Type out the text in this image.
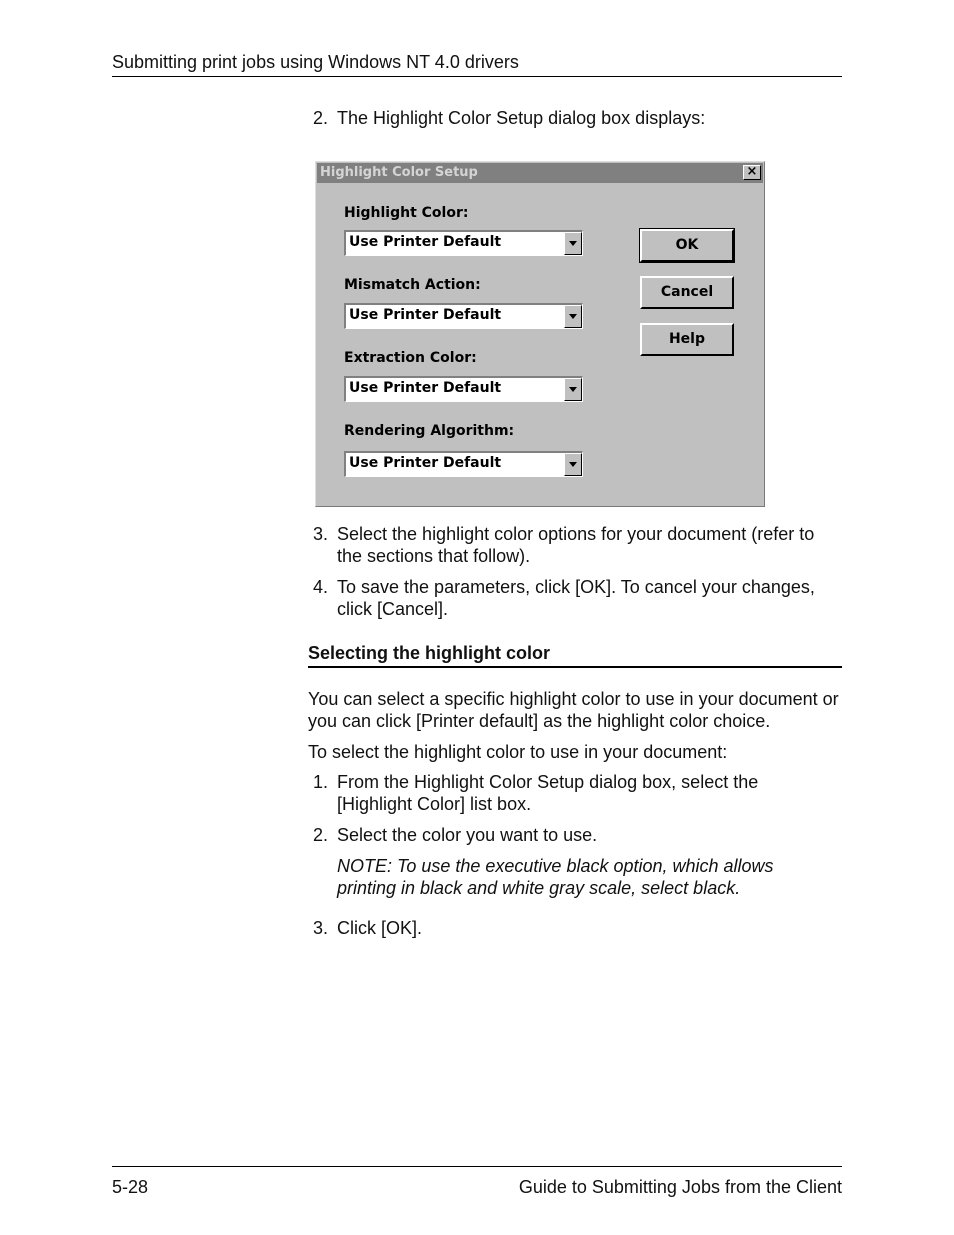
Submitting print jobs using Windows NT 4.0 drivers
2. The Highlight Color Setup dialog box displays:
Highlight Color Setup	×
Highlight Color:
Use Printer Default
Mismatch Action:
Use Printer Default
Extraction Color:
Use Printer Default
Rendering Algorithm:
Use Printer Default
OK
Cancel
Help
3. Select the highlight color options for your document (refer to the sections that follow).
4. To save the parameters, click [OK]. To cancel your changes, click [Cancel].
Selecting the highlight color
You can select a specific highlight color to use in your document or you can click [Printer default] as the highlight color choice.
To select the highlight color to use in your document:
1. From the Highlight Color Setup dialog box, select the [Highlight Color] list box.
2. Select the color you want to use.
NOTE: To use the executive black option, which allows printing in black and white gray scale, select black.
3. Click [OK].
5-28	Guide to Submitting Jobs from the Client
